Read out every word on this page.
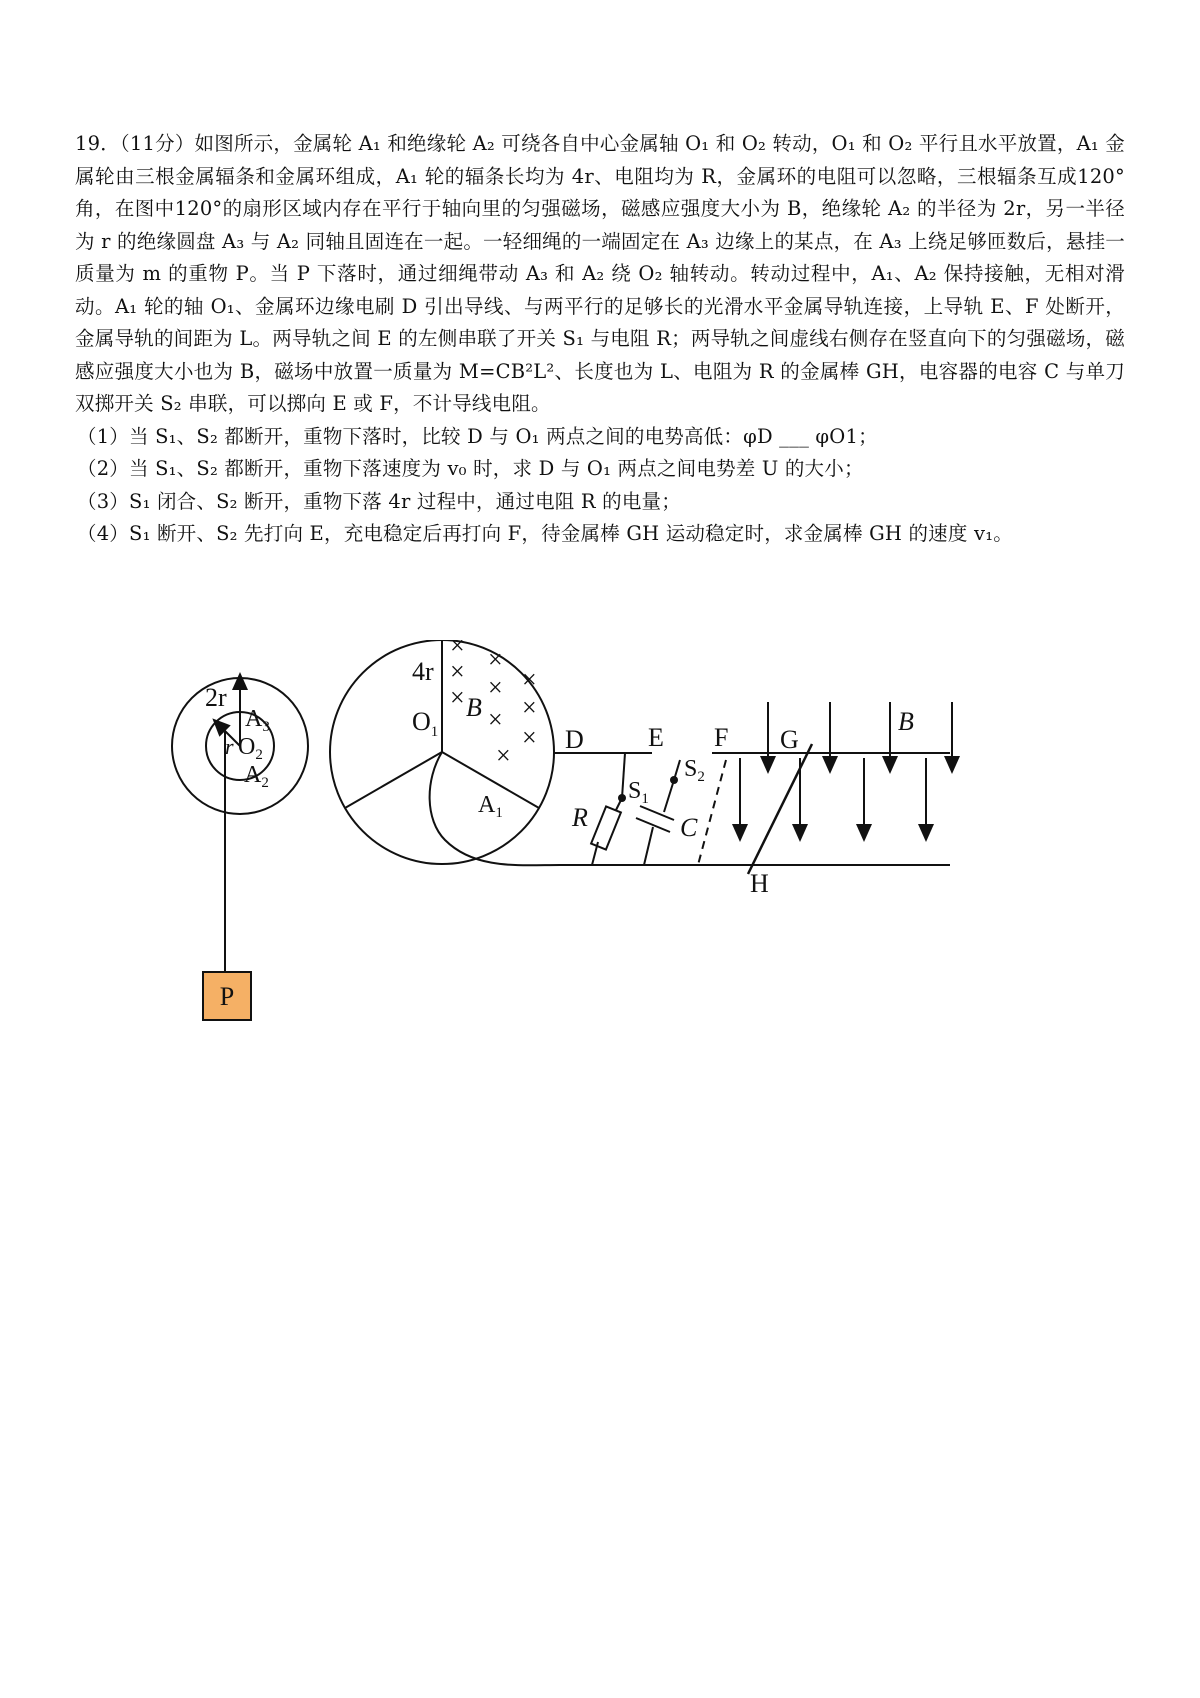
19．（11分）如图所示，金属轮 A₁ 和绝缘轮 A₂ 可绕各自中心金属轴 O₁ 和 O₂ 转动，O₁ 和 O₂ 平行且水平放置，A₁ 金属轮由三根金属辐条和金属环组成，A₁ 轮的辐条长均为 4r、电阻均为 R，金属环的电阻可以忽略，三根辐条互成120°角，在图中120°的扇形区域内存在平行于轴向里的匀强磁场，磁感应强度大小为 B，绝缘轮 A₂ 的半径为 2r，另一半径为 r 的绝缘圆盘 A₃ 与 A₂ 同轴且固连在一起。一轻细绳的一端固定在 A₃ 边缘上的某点，在 A₃ 上绕足够匝数后，悬挂一质量为 m 的重物 P。当 P 下落时，通过细绳带动 A₃ 和 A₂ 绕 O₂ 轴转动。转动过程中，A₁、A₂ 保持接触，无相对滑动。A₁ 轮的轴 O₁、金属环边缘电刷 D 引出导线、与两平行的足够长的光滑水平金属导轨连接，上导轨 E、F 处断开，金属导轨的间距为 L。两导轨之间 E 的左侧串联了开关 S₁ 与电阻 R；两导轨之间虚线右侧存在竖直向下的匀强磁场，磁感应强度大小也为 B，磁场中放置一质量为 M=CB²L²、长度也为 L、电阻为 R 的金属棒 GH，电容器的电容 C 与单刀双掷开关 S₂ 串联，可以掷向 E 或 F，不计导线电阻。

（1）当 S₁、S₂ 都断开，重物下落时，比较 D 与 O₁ 两点之间的电势高低：φD ___ φO1；

（2）当 S₁、S₂ 都断开，重物下落速度为 v₀ 时，求 D 与 O₁ 两点之间电势差 U 的大小；

（3）S₁ 闭合、S₂ 断开，重物下落 4r 过程中，通过电阻 R 的电量；

（4）S₁ 断开、S₂ 先打向 E，充电稳定后再打向 F，待金属棒 GH 运动稳定时，求金属棒 GH 的速度 v₁。

2r
$A_3$
r $O_2$
$A_2$
P
4r
$O_1$
B
$A_1$
×
×
×
×
×
×
×
×
×
×
D E F G
B
H
$S_1$
R
$S_2$
C
